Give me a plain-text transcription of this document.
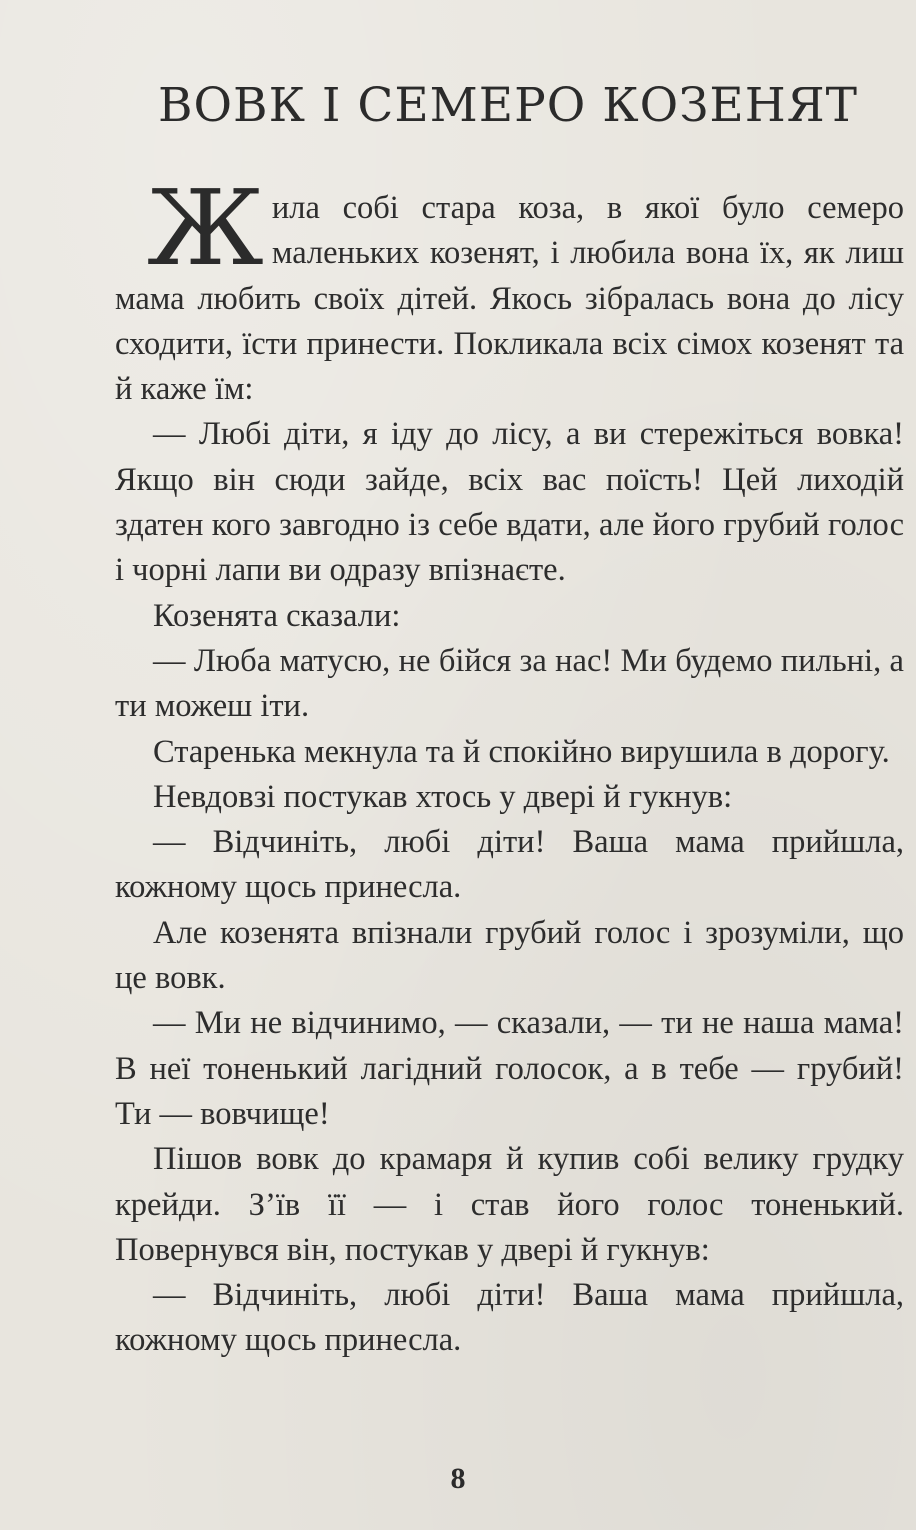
ВОВК І СЕМЕРО КОЗЕНЯТ

Жила собі стара коза, в якої було семеро маленьких козенят, і любила вона їх, як лиш мама любить своїх дітей. Якось зібралась вона до лісу сходити, їсти принести. Покликала всіх сімох козенят та й каже їм:

— Любі діти, я іду до лісу, а ви стережіться вовка! Якщо він сюди зайде, всіх вас поїсть! Цей лиходій здатен кого завгодно із себе вдати, але його грубий голос і чорні лапи ви одразу впізнаєте.

Козенята сказали:

— Люба матусю, не бійся за нас! Ми будемо пильні, а ти можеш іти.

Старенька мекнула та й спокійно вирушила в дорогу.

Невдовзі постукав хтось у двері й гукнув:

— Відчиніть, любі діти! Ваша мама прийшла, кожному щось принесла.

Але козенята впізнали грубий голос і зрозуміли, що це вовк.

— Ми не відчинимо, — сказали, — ти не наша мама! В неї тоненький лагідний голосок, а в тебе — грубий! Ти — вовчище!

Пішов вовк до крамаря й купив собі велику грудку крейди. З’їв її — і став його голос тоненький. Повернувся він, постукав у двері й гукнув:

— Відчиніть, любі діти! Ваша мама прийшла, кожному щось принесла.

8
